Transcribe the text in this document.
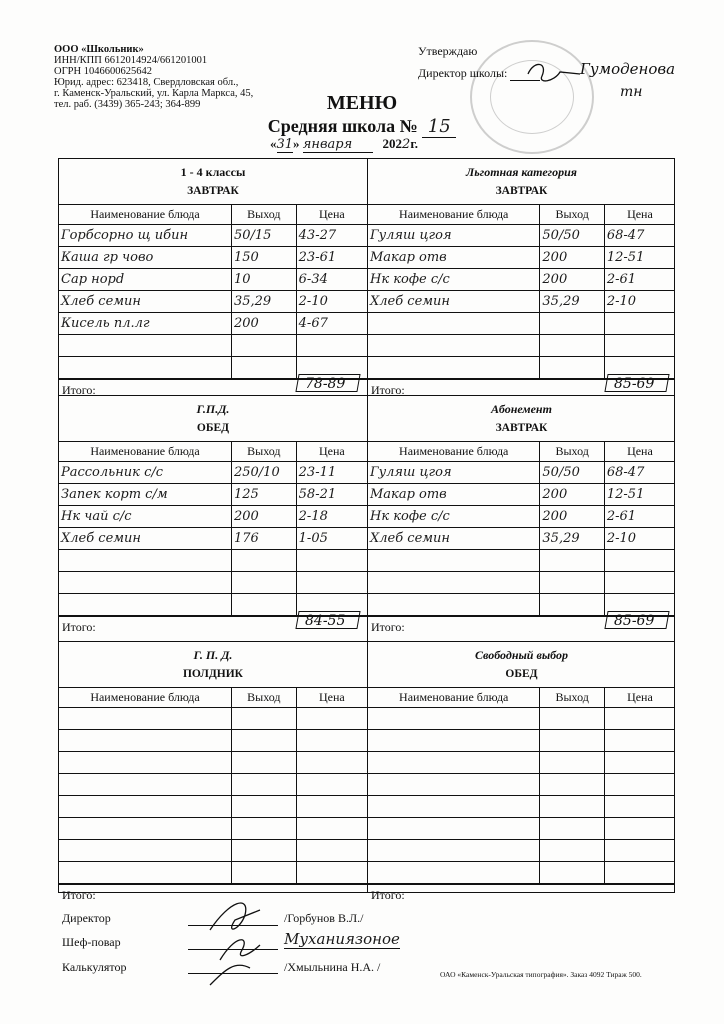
ООО «Школьник»
ИНН/КПП 6612014924/661201001
ОГРН 1046600625642
Юрид. адрес: 623418, Свердловская обл.,
г. Каменск-Уральский, ул. Карла Маркса, 45,
тел. раб. (3439) 365-243; 364-899
Утверждаю
Директор школы:	Гумоденова
тн
МЕНЮ
Средняя школа № 15
«31» января 2022г.
1 - 4 классы
ЗАВТРАК
Наименование блюда	Выход	Цена
Горбсорно щ ибин	50/15	43-27
Каша гр човo	150	23-61
Сар норd	10	6-34
Хлеб семин	35,29	2-10
Кисель пл.лг	200	4-67

Итого:	78-89
Льготная категория
ЗАВТРАК
Наименование блюда	Выход	Цена
Гуляш цгоя	50/50	68-47
Макар отв	200	12-51
Нк кофе с/с	200	2-61
Хлеб семин	35,29	2-10

Итого:	85-69
Г.П.Д.
ОБЕД
Наименование блюда	Выход	Цена
Рассольник с/с	250/10	23-11
Запек корт с/м	125	58-21
Нк чай с/с	200	2-18
Хлеб семин	176	1-05

Итого:	84-55
Абонемент
ЗАВТРАК
Наименование блюда	Выход	Цена
Гуляш цгоя	50/50	68-47
Макар отв	200	12-51
Нк кофе с/с	200	2-61
Хлеб семин	35,29	2-10

Итого:	85-69
Г. П. Д.
ПОЛДНИК
Наименование блюда	Выход	Цена

Итого:
Свободный выбор
ОБЕД
Наименование блюда	Выход	Цена

Итого:
Директор
Шеф-повар
Калькулятор
/Горбунов В.Л./
Муханиязоное
/Хмыльнина Н.А. /
ОАО «Каменск-Уральская типография». Заказ 4092 Тираж 500.
